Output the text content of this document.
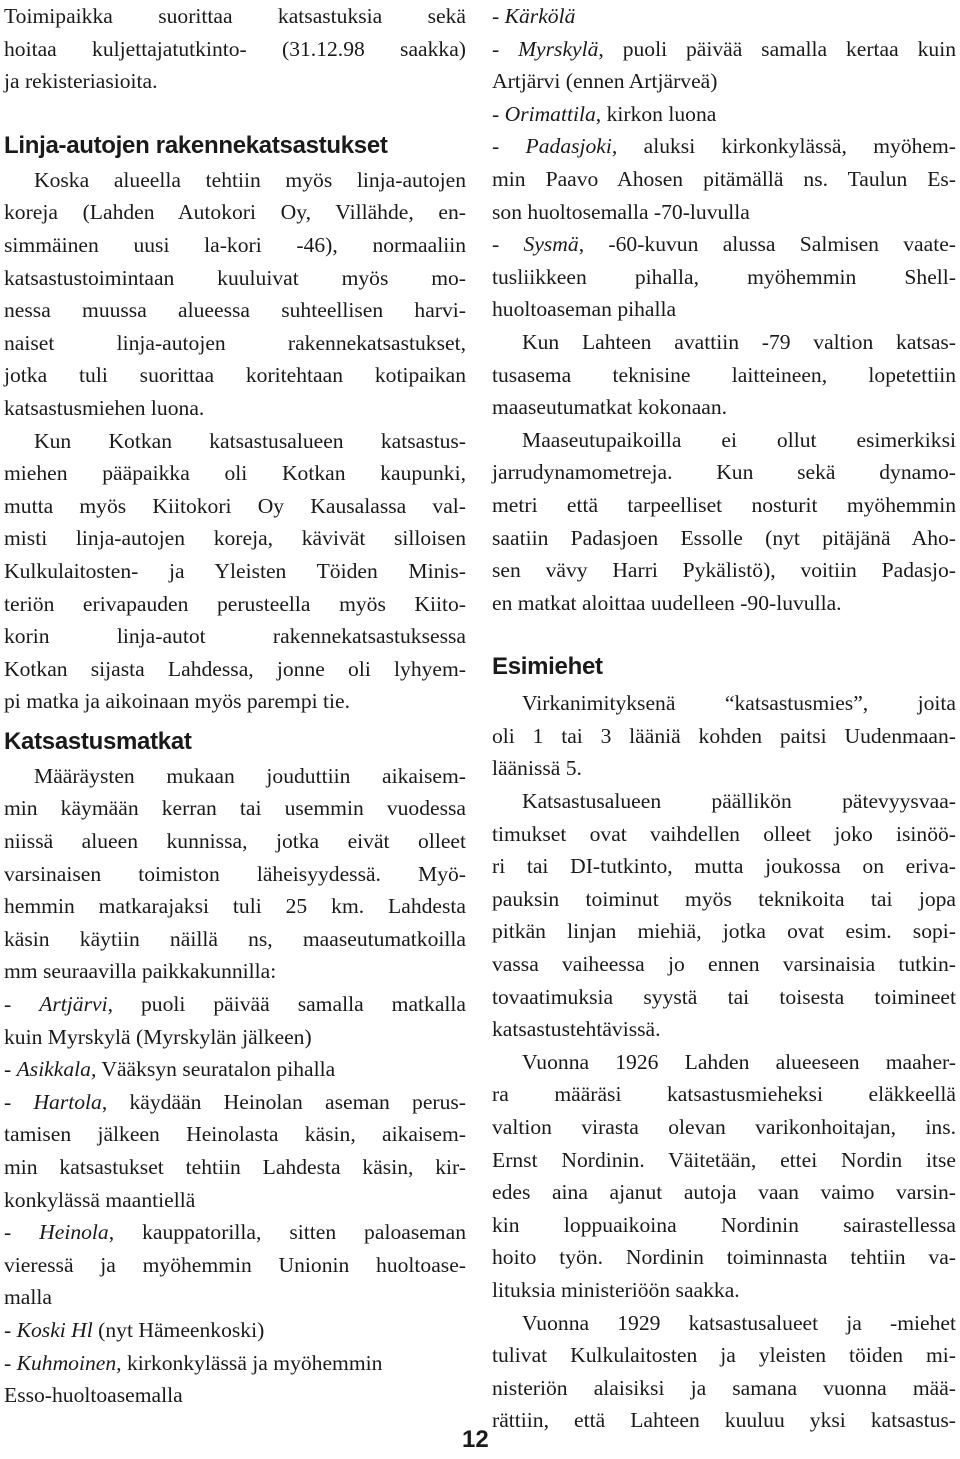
Toimipaikka suorittaa katsastuksia sekä
hoitaa kuljettajatutkinto- (31.12.98 saakka)
ja rekisteriasioita.
Linja-autojen rakennekatsastukset
Koska alueella tehtiin myös linja-autojen
koreja (Lahden Autokori Oy, Villähde, en-
simmäinen uusi la-kori -46), normaaliin
katsastustoimintaan kuuluivat myös mo-
nessa muussa alueessa suhteellisen harvi-
naiset linja-autojen rakennekatsastukset,
jotka tuli suorittaa koritehtaan kotipaikan
katsastusmiehen luona.
Kun Kotkan katsastusalueen katsastus-
miehen pääpaikka oli Kotkan kaupunki,
mutta myös Kiitokori Oy Kausalassa val-
misti linja-autojen koreja, kävivät silloisen
Kulkulaitosten- ja Yleisten Töiden Minis-
teriön erivapauden perusteella myös Kiito-
korin linja-autot rakennekatsastuksessa
Kotkan sijasta Lahdessa, jonne oli lyhyem-
pi matka ja aikoinaan myös parempi tie.
Katsastusmatkat
Määräysten mukaan jouduttiin aikaisem-
min käymään kerran tai usemmin vuodessa
niissä alueen kunnissa, jotka eivät olleet
varsinaisen toimiston läheisyydessä. Myö-
hemmin matkarajaksi tuli 25 km. Lahdesta
käsin käytiin näillä ns, maaseutumatkoilla
mm seuraavilla paikkakunnilla:
- Artjärvi, puoli päivää samalla matkalla
kuin Myrskylä (Myrskylän jälkeen)
- Asikkala, Vääksyn seuratalon pihalla
- Hartola, käydään Heinolan aseman perus-
tamisen jälkeen Heinolasta käsin, aikaisem-
min katsastukset tehtiin Lahdesta käsin, kir-
konkylässä maantiellä
- Heinola, kauppatorilla, sitten paloaseman
vieressä ja myöhemmin Unionin huoltoase-
malla
- Koski Hl (nyt Hämeenkoski)
- Kuhmoinen, kirkonkylässä ja myöhemmin
Esso-huoltoasemalla
- Kärkölä
- Myrskylä, puoli päivää samalla kertaa kuin
Artjärvi (ennen Artjärveä)
- Orimattila, kirkon luona
- Padasjoki, aluksi kirkonkylässä, myöhem-
min Paavo Ahosen pitämällä ns. Taulun Es-
son huoltosemalla -70-luvulla
- Sysmä, -60-kuvun alussa Salmisen vaate-
tusliikkeen pihalla, myöhemmin Shell-
huoltoaseman pihalla
Kun Lahteen avattiin -79 valtion katsas-
tusasema teknisine laitteineen, lopetettiin
maaseutumatkat kokonaan.
Maaseutupaikoilla ei ollut esimerkiksi
jarrudynamometreja. Kun sekä dynamo-
metri että tarpeelliset nosturit myöhemmin
saatiin Padasjoen Essolle (nyt pitäjänä Aho-
sen vävy Harri Pykälistö), voitiin Padasjo-
en matkat aloittaa uudelleen -90-luvulla.
Esimiehet
Virkanimityksenä “katsastusmies”, joita
oli 1 tai 3 lääniä kohden paitsi Uudenmaan-
läänissä 5.
Katsastusalueen päällikön pätevyysvaa-
timukset ovat vaihdellen olleet joko isinöö-
ri tai DI-tutkinto, mutta joukossa on eriva-
pauksin toiminut myös teknikoita tai jopa
pitkän linjan miehiä, jotka ovat esim. sopi-
vassa vaiheessa jo ennen varsinaisia tutkin-
tovaatimuksia syystä tai toisesta toimineet
katsastustehtävissä.
Vuonna 1926 Lahden alueeseen maaher-
ra määräsi katsastusmieheksi eläkkeellä
valtion virasta olevan varikonhoitajan, ins.
Ernst Nordinin. Väitetään, ettei Nordin itse
edes aina ajanut autoja vaan vaimo varsin-
kin loppuaikoina Nordinin sairastellessa
hoito työn. Nordinin toiminnasta tehtiin va-
lituksia ministeriöön saakka.
Vuonna 1929 katsastusalueet ja -miehet
tulivat Kulkulaitosten ja yleisten töiden mi-
nisteriön alaisiksi ja samana vuonna mää-
rättiin, että Lahteen kuuluu yksi katsastus-
12
